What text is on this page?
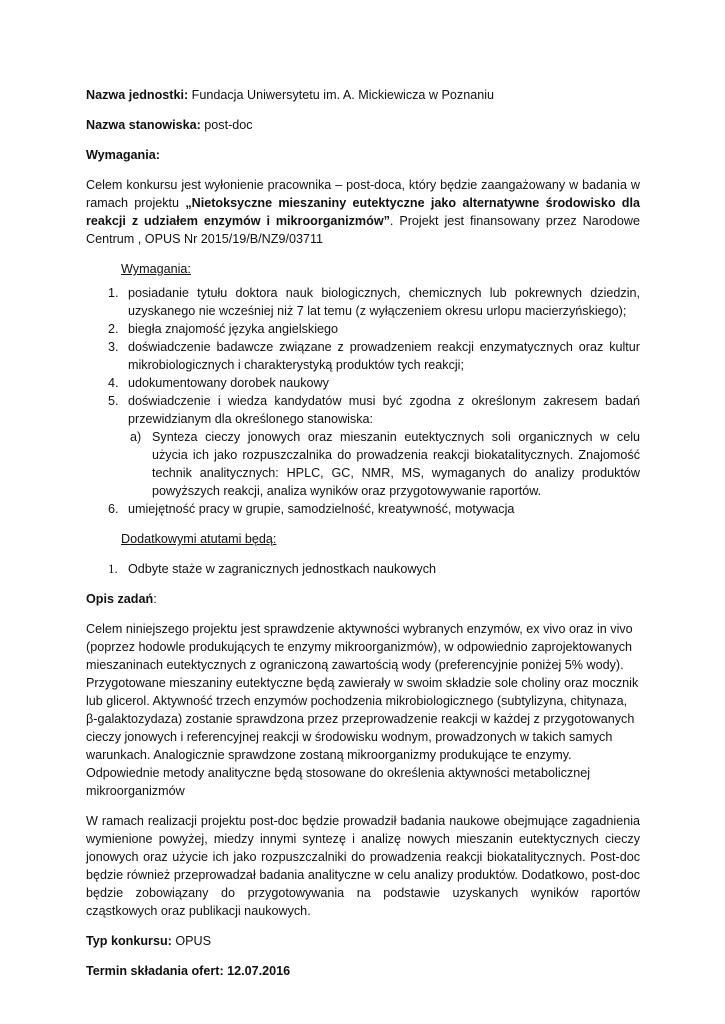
Nazwa jednostki: Fundacja Uniwersytetu im. A. Mickiewicza w Poznaniu

Nazwa stanowiska: post-doc

Wymagania:

Celem konkursu jest wyłonienie pracownika – post-doca, który będzie zaangażowany w badania w ramach projektu „Nietoksyczne mieszaniny eutektyczne jako alternatywne środowisko dla reakcji z udziałem enzymów i mikroorganizmów”. Projekt jest finansowany przez Narodowe Centrum , OPUS Nr 2015/19/B/NZ9/03711

Wymagania:

1. posiadanie tytułu doktora nauk biologicznych, chemicznych lub pokrewnych dziedzin, uzyskanego nie wcześniej niż 7 lat temu (z wyłączeniem okresu urlopu macierzyńskiego);
2. biegła znajomość języka angielskiego
3. doświadczenie badawcze związane z prowadzeniem reakcji enzymatycznych oraz kultur mikrobiologicznych i charakterystyką produktów tych reakcji;
4. udokumentowany dorobek naukowy
5. doświadczenie i wiedza kandydatów musi być zgodna z określonym zakresem badań przewidzianym dla określonego stanowiska:
a) Synteza cieczy jonowych oraz mieszanin eutektycznych soli organicznych w celu użycia ich jako rozpuszczalnika do prowadzenia reakcji biokatalitycznych. Znajomość technik analitycznych: HPLC, GC, NMR, MS, wymaganych do analizy produktów powyższych reakcji, analiza wyników oraz przygotowywanie raportów.
6. umiejętność pracy w grupie, samodzielność, kreatywność, motywacja

Dodatkowymi atutami będą:

1. Odbyte staże w zagranicznych jednostkach naukowych

Opis zadań:

Celem niniejszego projektu jest sprawdzenie aktywności wybranych enzymów, ex vivo oraz in vivo (poprzez hodowle produkujących te enzymy mikroorganizmów), w odpowiednio zaprojektowanych mieszaninach eutektycznych z ograniczoną zawartością wody (preferencyjnie poniżej 5% wody). Przygotowane mieszaniny eutektyczne będą zawierały w swoim składzie sole choliny oraz mocznik lub glicerol. Aktywność trzech enzymów pochodzenia mikrobiologicznego (subtylizyna, chitynaza, β-galaktozydaza) zostanie sprawdzona przez przeprowadzenie reakcji w każdej z przygotowanych cieczy jonowych i referencyjnej reakcji w środowisku wodnym, prowadzonych w takich samych warunkach. Analogicznie sprawdzone zostaną mikroorganizmy produkujące te enzymy. Odpowiednie metody analityczne będą stosowane do określenia aktywności metabolicznej mikroorganizmów

W ramach realizacji projektu post-doc będzie prowadził badania naukowe obejmujące zagadnienia wymienione powyżej, miedzy innymi syntezę i analizę nowych mieszanin eutektycznych cieczy jonowych oraz użycie ich jako rozpuszczalniki do prowadzenia reakcji biokatalitycznych. Post-doc będzie również przeprowadzał badania analityczne w celu analizy produktów. Dodatkowo, post-doc będzie zobowiązany do przygotowywania na podstawie uzyskanych wyników raportów cząstkowych oraz publikacji naukowych.

Typ konkursu: OPUS

Termin składania ofert: 12.07.2016
